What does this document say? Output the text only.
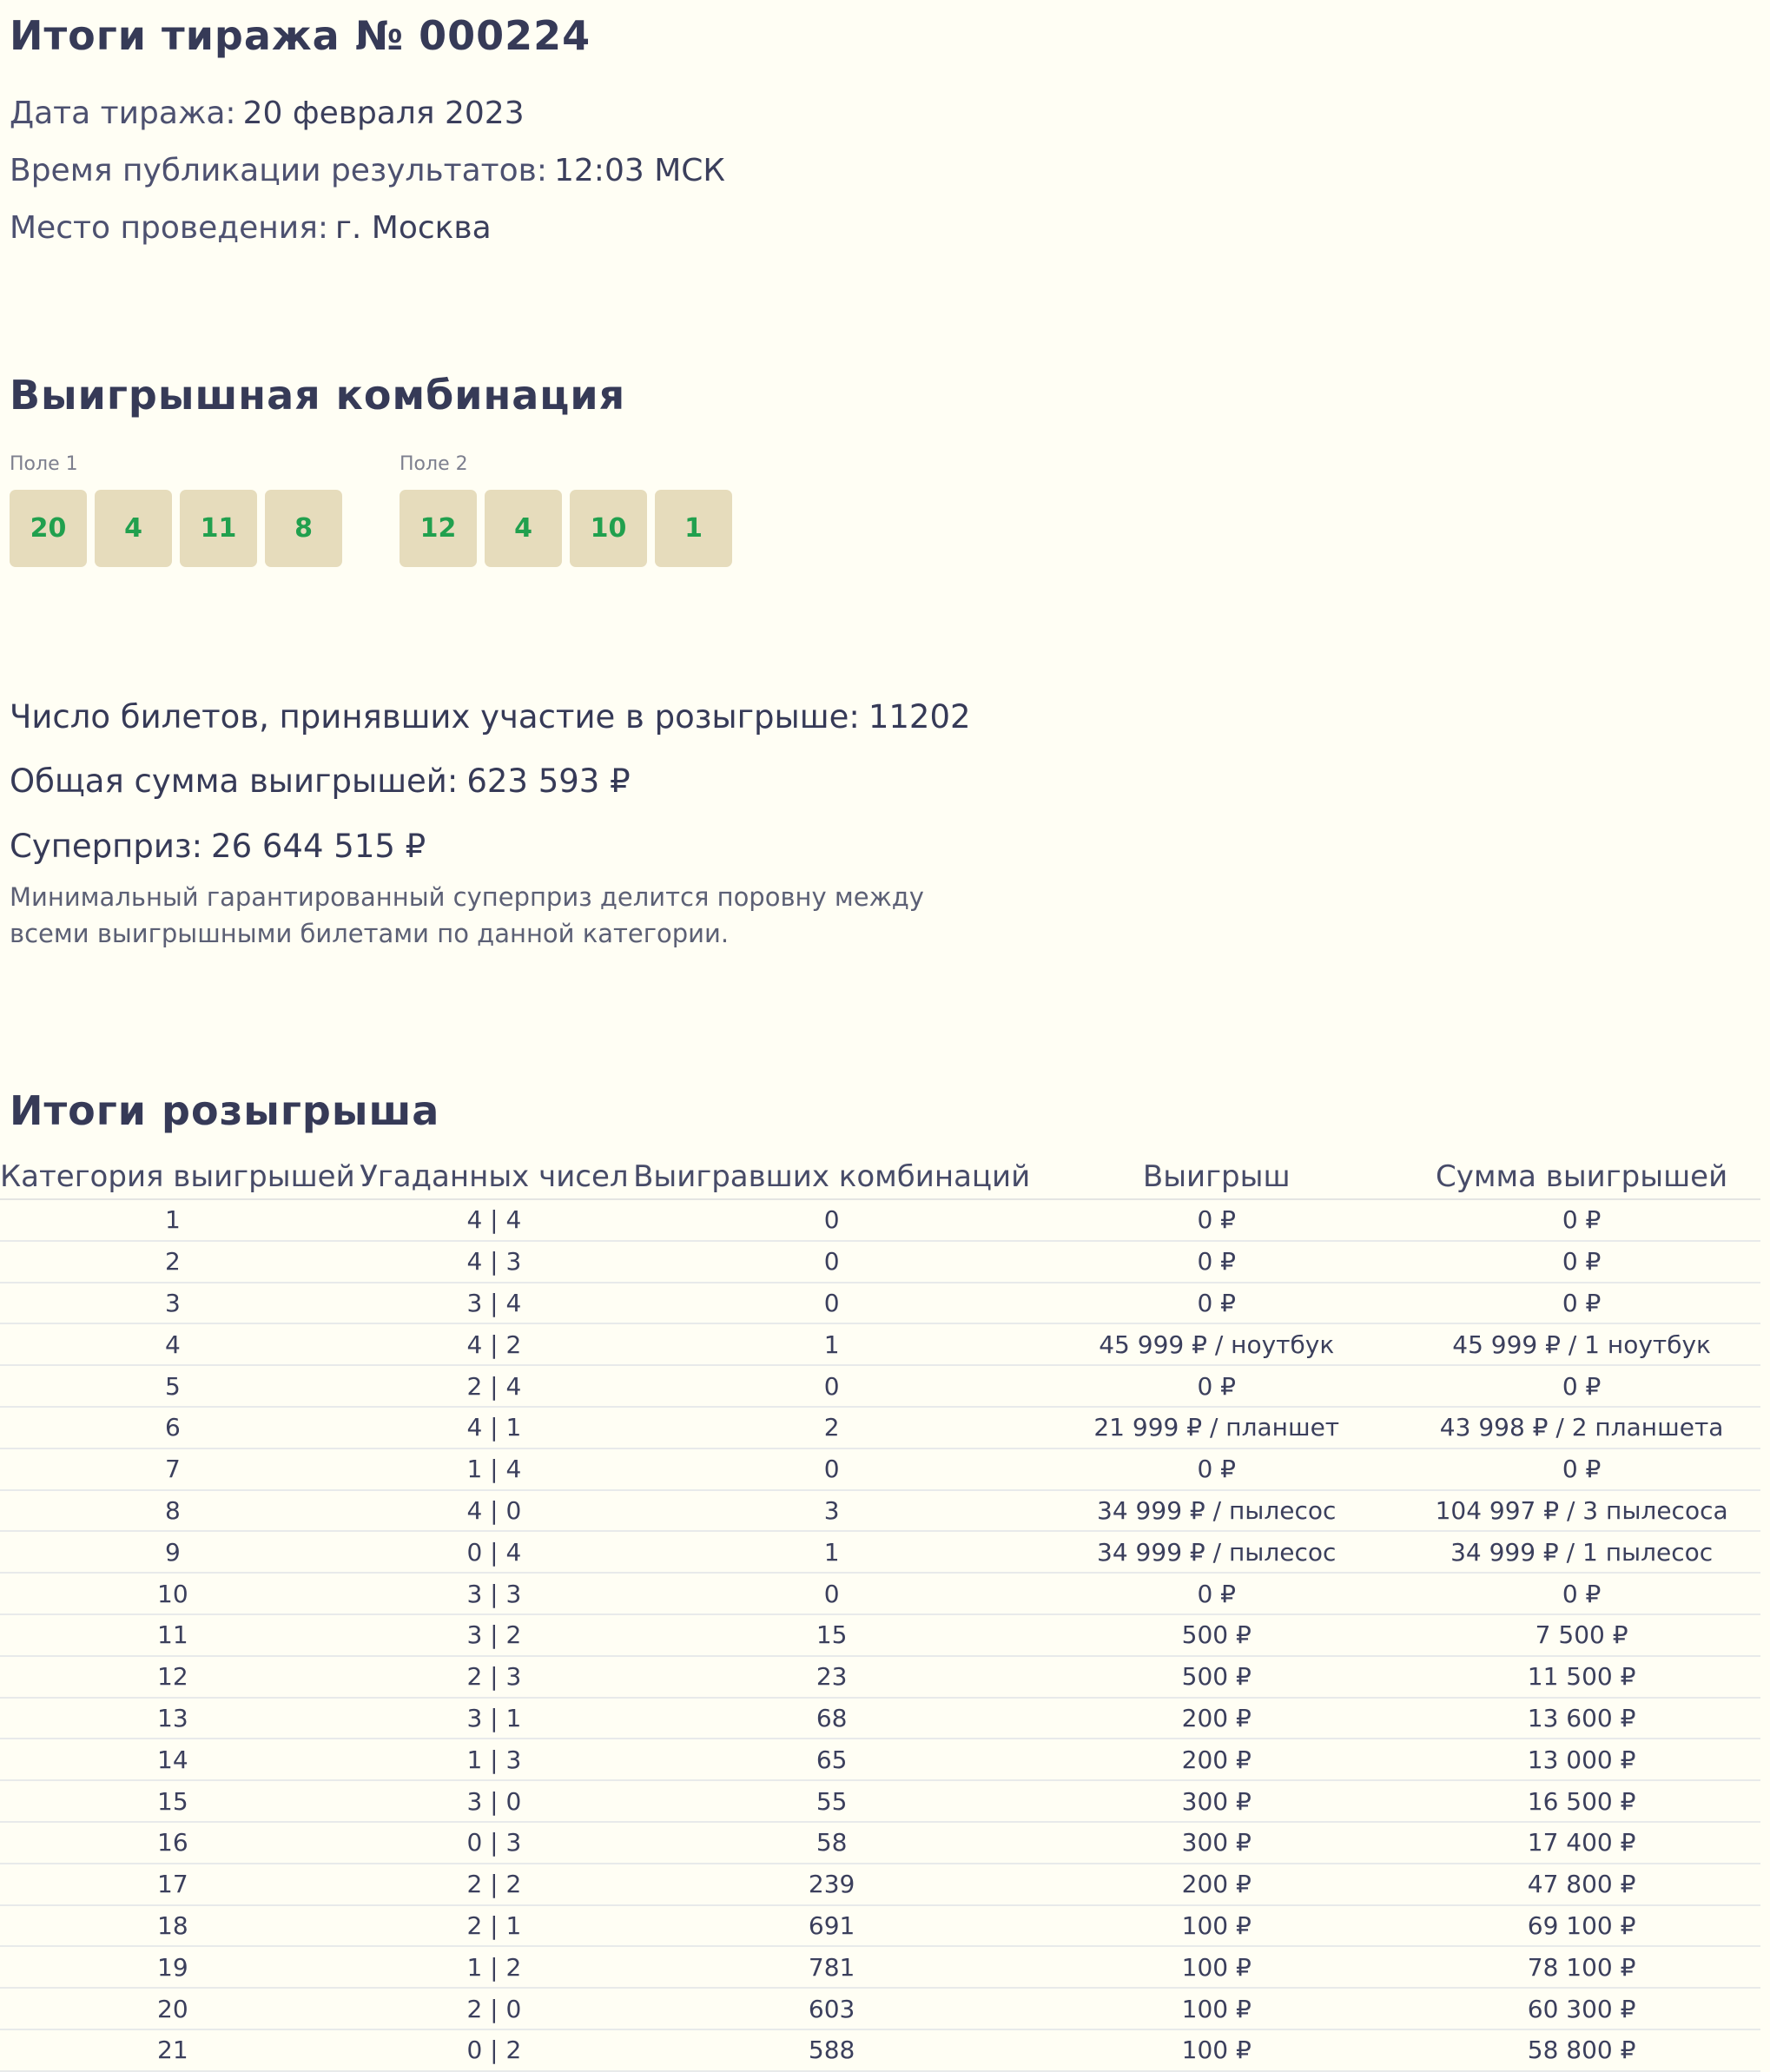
Итоги тиража № 000224
Дата тиража: 20 февраля 2023
Время публикации результатов: 12:03 МСК
Место проведения: г. Москва
Выигрышная комбинация
Поле 1
20	4	11	8
Поле 2
12	4	10	1
Число билетов, принявших участие в розыгрыше: 11202
Общая сумма выигрышей: 623 593 ₽
Суперприз: 26 644 515 ₽
Минимальный гарантированный суперприз делится поровну между всеми выигрышными билетами по данной категории.
Итоги розыгрыша
Категория выигрышей	Угаданных чисел	Выигравших комбинаций	Выигрыш	Сумма выигрышей
1	4 | 4	0	0 ₽	0 ₽
2	4 | 3	0	0 ₽	0 ₽
3	3 | 4	0	0 ₽	0 ₽
4	4 | 2	1	45 999 ₽ / ноутбук	45 999 ₽ / 1 ноутбук
5	2 | 4	0	0 ₽	0 ₽
6	4 | 1	2	21 999 ₽ / планшет	43 998 ₽ / 2 планшета
7	1 | 4	0	0 ₽	0 ₽
8	4 | 0	3	34 999 ₽ / пылесос	104 997 ₽ / 3 пылесоса
9	0 | 4	1	34 999 ₽ / пылесос	34 999 ₽ / 1 пылесос
10	3 | 3	0	0 ₽	0 ₽
11	3 | 2	15	500 ₽	7 500 ₽
12	2 | 3	23	500 ₽	11 500 ₽
13	3 | 1	68	200 ₽	13 600 ₽
14	1 | 3	65	200 ₽	13 000 ₽
15	3 | 0	55	300 ₽	16 500 ₽
16	0 | 3	58	300 ₽	17 400 ₽
17	2 | 2	239	200 ₽	47 800 ₽
18	2 | 1	691	100 ₽	69 100 ₽
19	1 | 2	781	100 ₽	78 100 ₽
20	2 | 0	603	100 ₽	60 300 ₽
21	0 | 2	588	100 ₽	58 800 ₽
